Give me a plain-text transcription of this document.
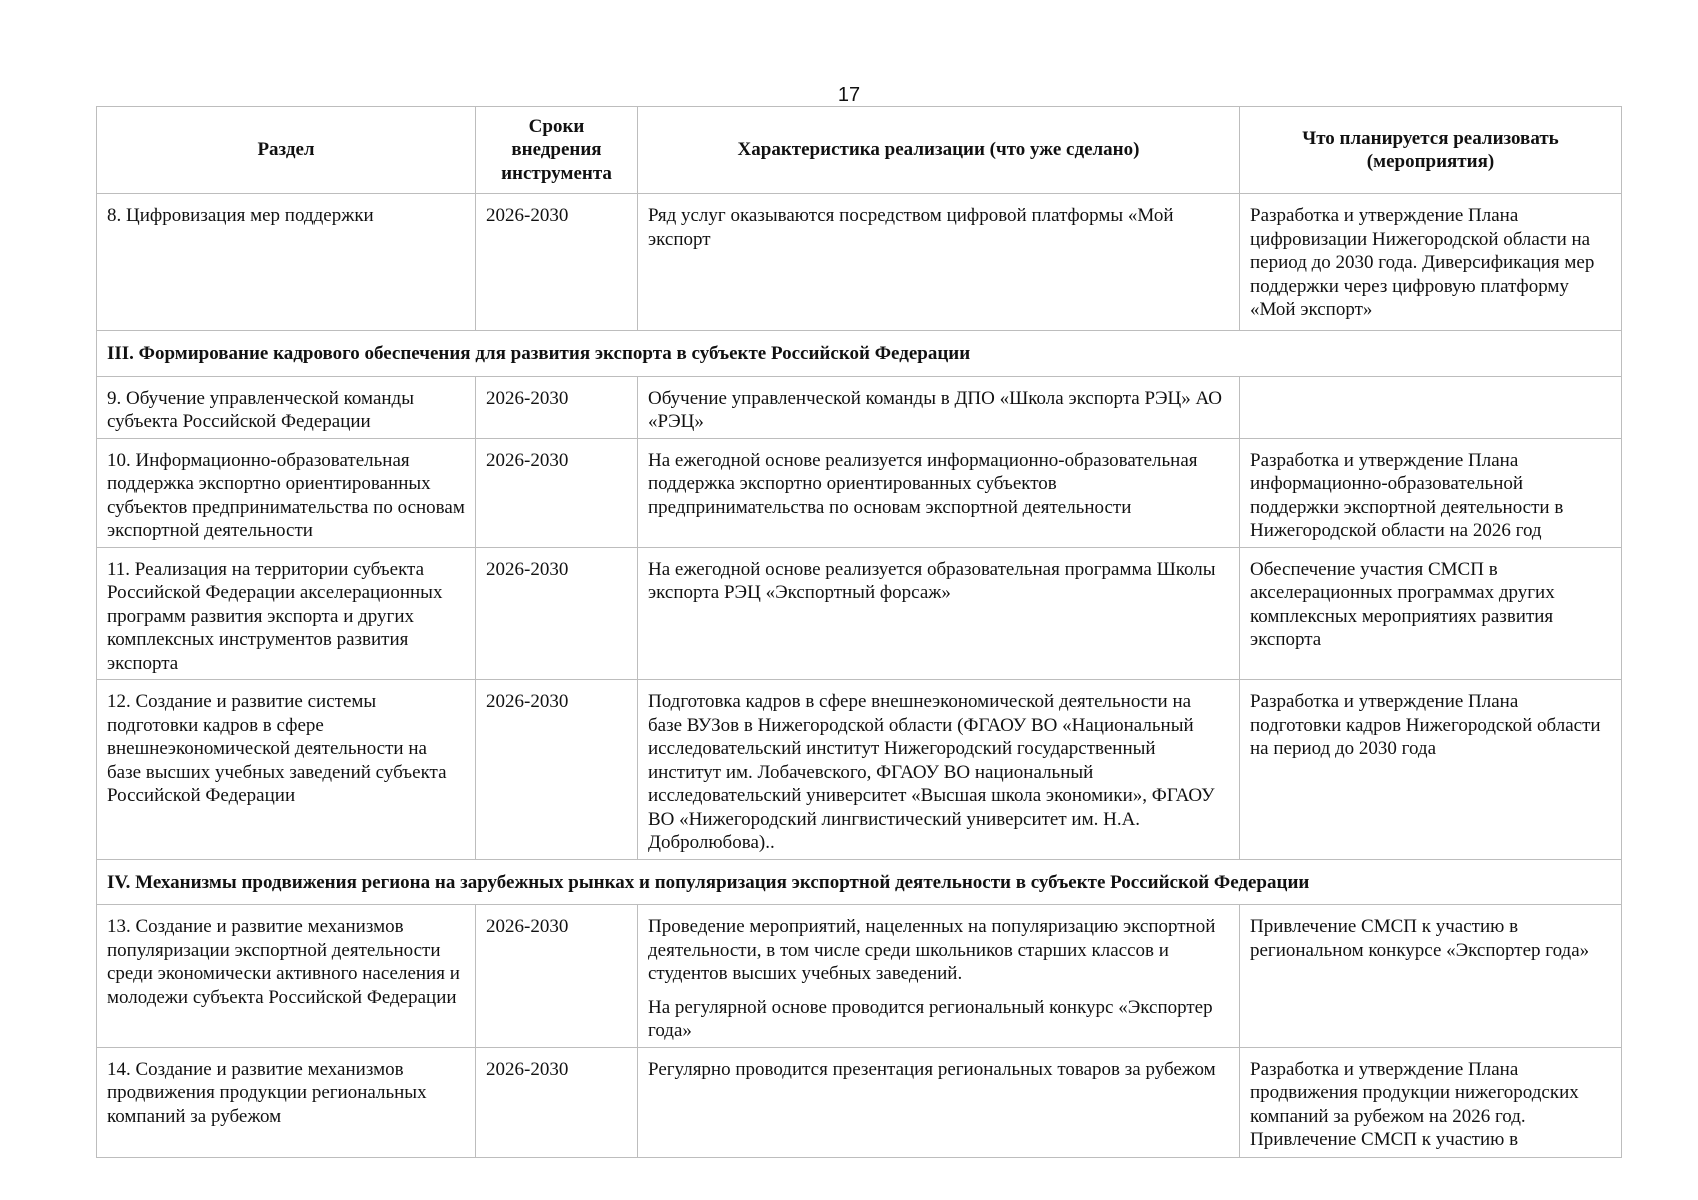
17
Раздел	Сроки внедрения инструмента	Характеристика реализации (что уже сделано)	Что планируется реализовать (мероприятия)
8. Цифровизация мер поддержки	2026-2030	Ряд услуг оказываются посредством цифровой платформы «Мой экспорт	Разработка и утверждение Плана цифровизации Нижегородской области на период до 2030 года. Диверсификация мер поддержки через цифровую платформу «Мой экспорт»
III. Формирование кадрового обеспечения для развития экспорта в субъекте Российской Федерации			
9. Обучение управленческой команды субъекта Российской Федерации	2026-2030	Обучение управленческой команды в ДПО «Школа экспорта РЭЦ» АО «РЭЦ»	

10. Информационно-образовательная поддержка экспортно ориентированных субъектов предпринимательства по основам экспортной деятельности	2026-2030	На ежегодной основе реализуется информационно-образовательная поддержка экспортно ориентированных субъектов предпринимательства по основам экспортной деятельности	Разработка и утверждение Плана информационно-образовательной поддержки экспортной деятельности в Нижегородской области на 2026 год
11. Реализация на территории субъекта Российской Федерации акселерационных программ развития экспорта и других комплексных инструментов развития экспорта	2026-2030	На ежегодной основе реализуется образовательная программа Школы экспорта РЭЦ «Экспортный форсаж»	Обеспечение участия СМСП в акселерационных программах других комплексных мероприятиях развития экспорта
12. Создание и развитие системы подготовки кадров в сфере внешнеэкономической деятельности на базе высших учебных заведений субъекта Российской Федерации	2026-2030	Подготовка кадров в сфере внешнеэкономической деятельности на базе ВУЗов в Нижегородской области (ФГАОУ ВО «Национальный исследовательский институт Нижегородский государственный институт им. Лобачевского, ФГАОУ ВО национальный исследовательский университет «Высшая школа экономики», ФГАОУ ВО «Нижегородский лингвистический университет им. Н.А. Добролюбова)..	Разработка и утверждение Плана подготовки кадров Нижегородской области на период до 2030 года
IV. Механизмы продвижения региона на зарубежных рынках и популяризация экспортной деятельности в субъекте Российской Федерации			
13. Создание и развитие механизмов популяризации экспортной деятельности среди экономически активного населения и молодежи субъекта Российской Федерации	2026-2030	Проведение мероприятий, нацеленных на популяризацию экспортной деятельности, в том числе среди школьников старших классов и студентов высших учебных заведений.

На регулярной основе проводится региональный конкурс «Экспортер года»	Привлечение СМСП к участию в региональном конкурсе «Экспортер года»
14. Создание и развитие механизмов продвижения продукции региональных компаний за рубежом	2026-2030	Регулярно проводится презентация региональных товаров за рубежом	Разработка и утверждение Плана продвижения продукции нижегородских компаний за рубежом на 2026 год. Привлечение СМСП к участию в
